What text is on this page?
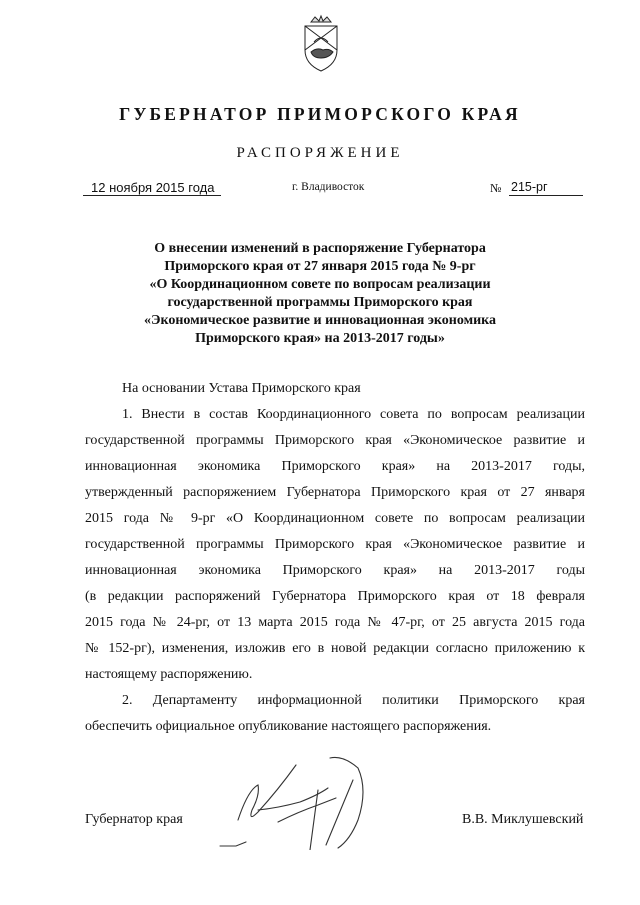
ГУБЕРНАТОР ПРИМОРСКОГО КРАЯ
РАСПОРЯЖЕНИЕ
12 ноября 2015 года	г. Владивосток	№ 215-рг
О внесении изменений в распоряжение Губернатора
Приморского края от 27 января 2015 года № 9-рг
«О Координационном совете по вопросам реализации
государственной программы Приморского края
«Экономическое развитие и инновационная экономика
Приморского края» на 2013-2017 годы»
На основании Устава Приморского края
1. Внести в состав Координационного совета по вопросам реализации
государственной программы Приморского края «Экономическое развитие и
инновационная экономика Приморского края» на 2013-2017 годы,
утвержденный распоряжением Губернатора Приморского края от 27 января
2015 года № 9-рг «О Координационном совете по вопросам реализации
государственной программы Приморского края «Экономическое развитие и
инновационная экономика Приморского края» на 2013-2017 годы
(в редакции распоряжений Губернатора Приморского края от 18 февраля
2015 года № 24-рг, от 13 марта 2015 года № 47-рг, от 25 августа 2015 года
№ 152-рг), изменения, изложив его в новой редакции согласно приложению к
настоящему распоряжению.
2. Департаменту информационной политики Приморского края
обеспечить официальное опубликование настоящего распоряжения.
Губернатор края	В.В. Миклушевский
